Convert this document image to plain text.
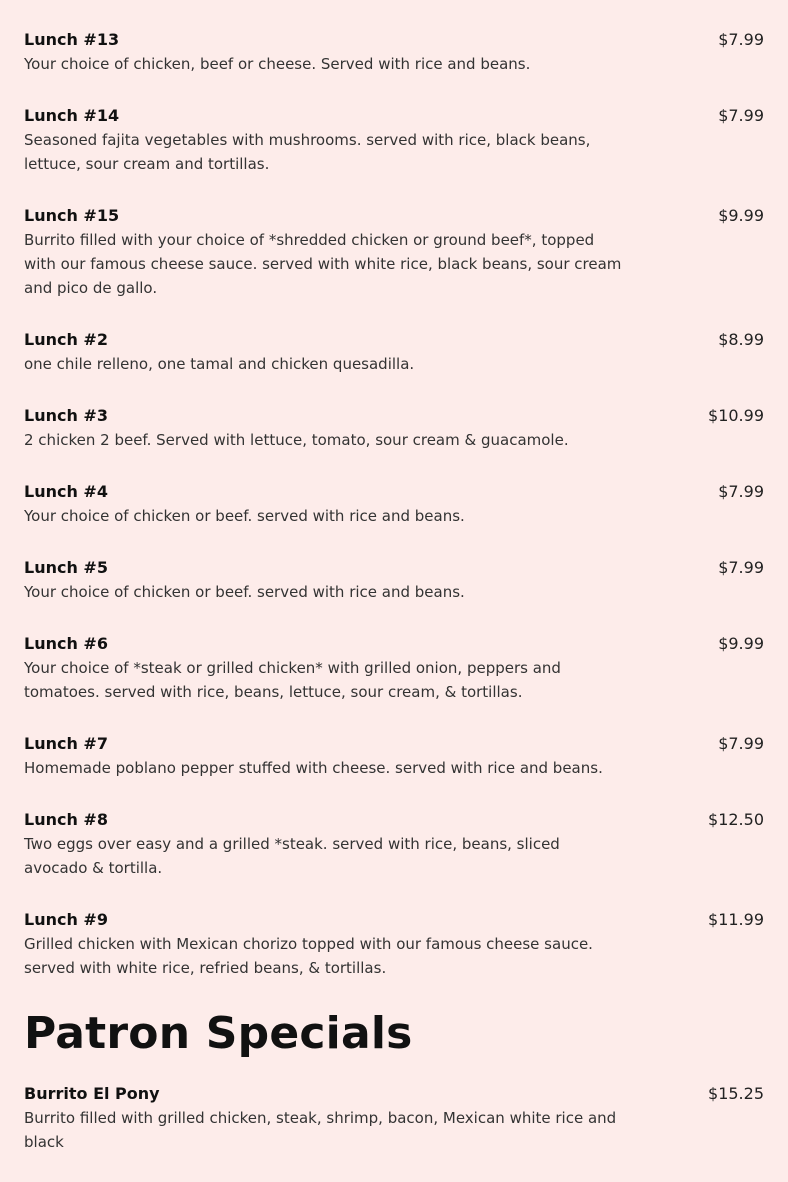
Lunch #13	$7.99

Your choice of chicken, beef or cheese. Served with rice and beans.

Lunch #14	$7.99

Seasoned fajita vegetables with mushrooms. served with rice, black beans, lettuce, sour cream and tortillas.

Lunch #15	$9.99

Burrito filled with your choice of *shredded chicken or ground beef*, topped with our famous cheese sauce. served with white rice, black beans, sour cream and pico de gallo.

Lunch #2	$8.99

one chile relleno, one tamal and chicken quesadilla.

Lunch #3	$10.99

2 chicken 2 beef. Served with lettuce, tomato, sour cream & guacamole.

Lunch #4	$7.99

Your choice of chicken or beef. served with rice and beans.

Lunch #5	$7.99

Your choice of chicken or beef. served with rice and beans.

Lunch #6	$9.99

Your choice of *steak or grilled chicken* with grilled onion, peppers and tomatoes. served with rice, beans, lettuce, sour cream, & tortillas.

Lunch #7	$7.99

Homemade poblano pepper stuffed with cheese. served with rice and beans.

Lunch #8	$12.50

Two eggs over easy and a grilled *steak. served with rice, beans, sliced avocado & tortilla.

Lunch #9	$11.99

Grilled chicken with Mexican chorizo topped with our famous cheese sauce. served with white rice, refried beans, & tortillas.

Patron Specials
Burrito El Pony	$15.25

Burrito filled with grilled chicken, steak, shrimp, bacon, Mexican white rice and black
